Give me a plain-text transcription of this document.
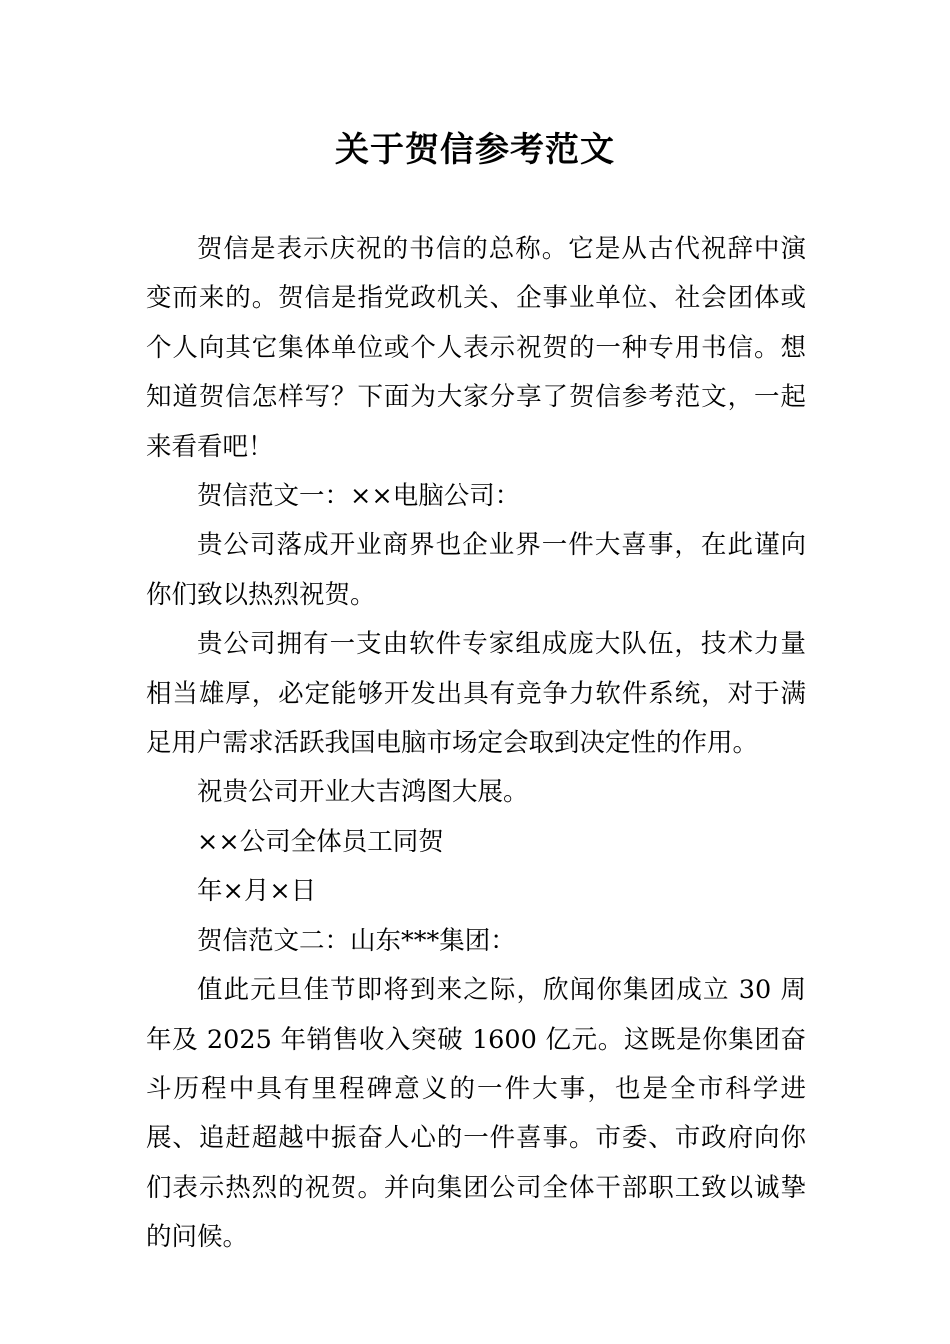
关于贺信参考范文

贺信是表示庆祝的书信的总称。它是从古代祝辞中演变而来的。贺信是指党政机关、企事业单位、社会团体或个人向其它集体单位或个人表示祝贺的一种专用书信。想知道贺信怎样写？下面为大家分享了贺信参考范文，一起来看看吧！

贺信范文一：××电脑公司：

贵公司落成开业商界也企业界一件大喜事，在此谨向你们致以热烈祝贺。

贵公司拥有一支由软件专家组成庞大队伍，技术力量相当雄厚，必定能够开发出具有竞争力软件系统，对于满足用户需求活跃我国电脑市场定会取到决定性的作用。

祝贵公司开业大吉鸿图大展。

××公司全体员工同贺

年×月×日

贺信范文二：山东***集团：

值此元旦佳节即将到来之际，欣闻你集团成立 30 周年及 2025 年销售收入突破 1600 亿元。这既是你集团奋斗历程中具有里程碑意义的一件大事，也是全市科学进展、追赶超越中振奋人心的一件喜事。市委、市政府向你们表示热烈的祝贺。并向集团公司全体干部职工致以诚挚的问候。
